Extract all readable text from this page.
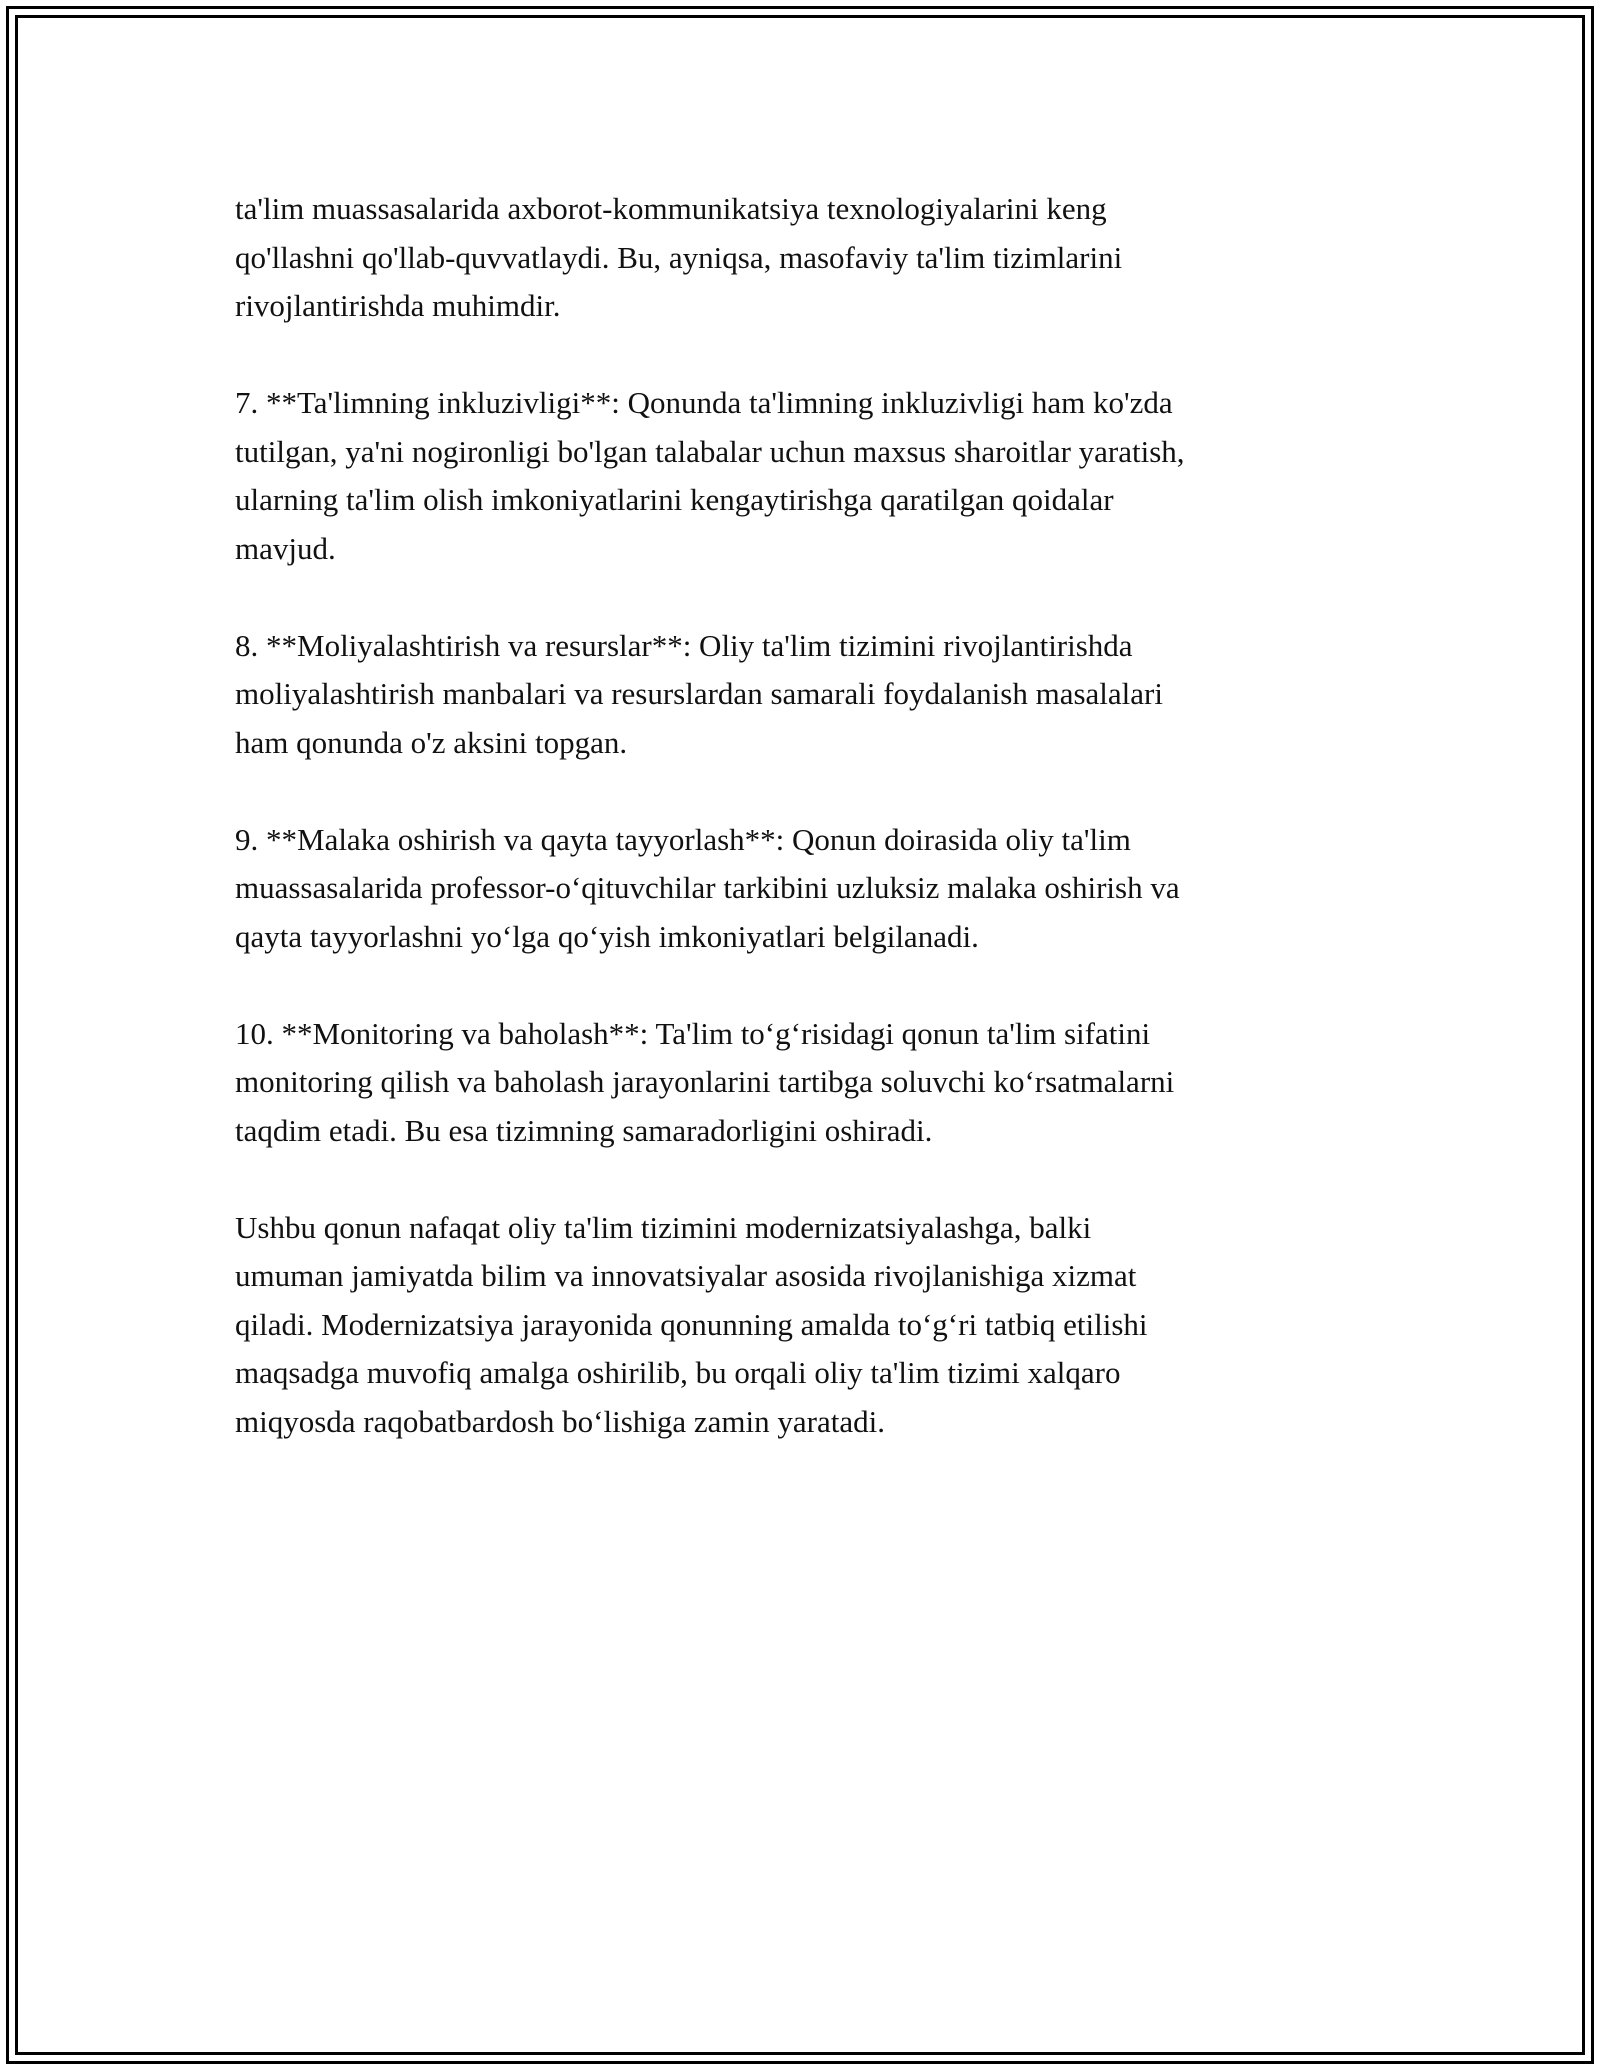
ta'lim muassasalarida axborot-kommunikatsiya texnologiyalarini keng
qo'llashni qo'llab-quvvatlaydi. Bu, ayniqsa, masofaviy ta'lim tizimlarini
rivojlantirishda muhimdir.

7. **Ta'limning inkluzivligi**: Qonunda ta'limning inkluzivligi ham ko'zda
tutilgan, ya'ni nogironligi bo'lgan talabalar uchun maxsus sharoitlar yaratish,
ularning ta'lim olish imkoniyatlarini kengaytirishga qaratilgan qoidalar
mavjud.

8. **Moliyalashtirish va resurslar**: Oliy ta'lim tizimini rivojlantirishda
moliyalashtirish manbalari va resurslardan samarali foydalanish masalalari
ham qonunda o'z aksini topgan.

9. **Malaka oshirish va qayta tayyorlash**: Qonun doirasida oliy ta'lim
muassasalarida professor-o‘qituvchilar tarkibini uzluksiz malaka oshirish va
qayta tayyorlashni yo‘lga qo‘yish imkoniyatlari belgilanadi.

10. **Monitoring va baholash**: Ta'lim to‘g‘risidagi qonun ta'lim sifatini
monitoring qilish va baholash jarayonlarini tartibga soluvchi ko‘rsatmalarni
taqdim etadi. Bu esa tizimning samaradorligini oshiradi.

Ushbu qonun nafaqat oliy ta'lim tizimini modernizatsiyalashga, balki
umuman jamiyatda bilim va innovatsiyalar asosida rivojlanishiga xizmat
qiladi. Modernizatsiya jarayonida qonunning amalda to‘g‘ri tatbiq etilishi
maqsadga muvofiq amalga oshirilib, bu orqali oliy ta'lim tizimi xalqaro
miqyosda raqobatbardosh bo‘lishiga zamin yaratadi.
